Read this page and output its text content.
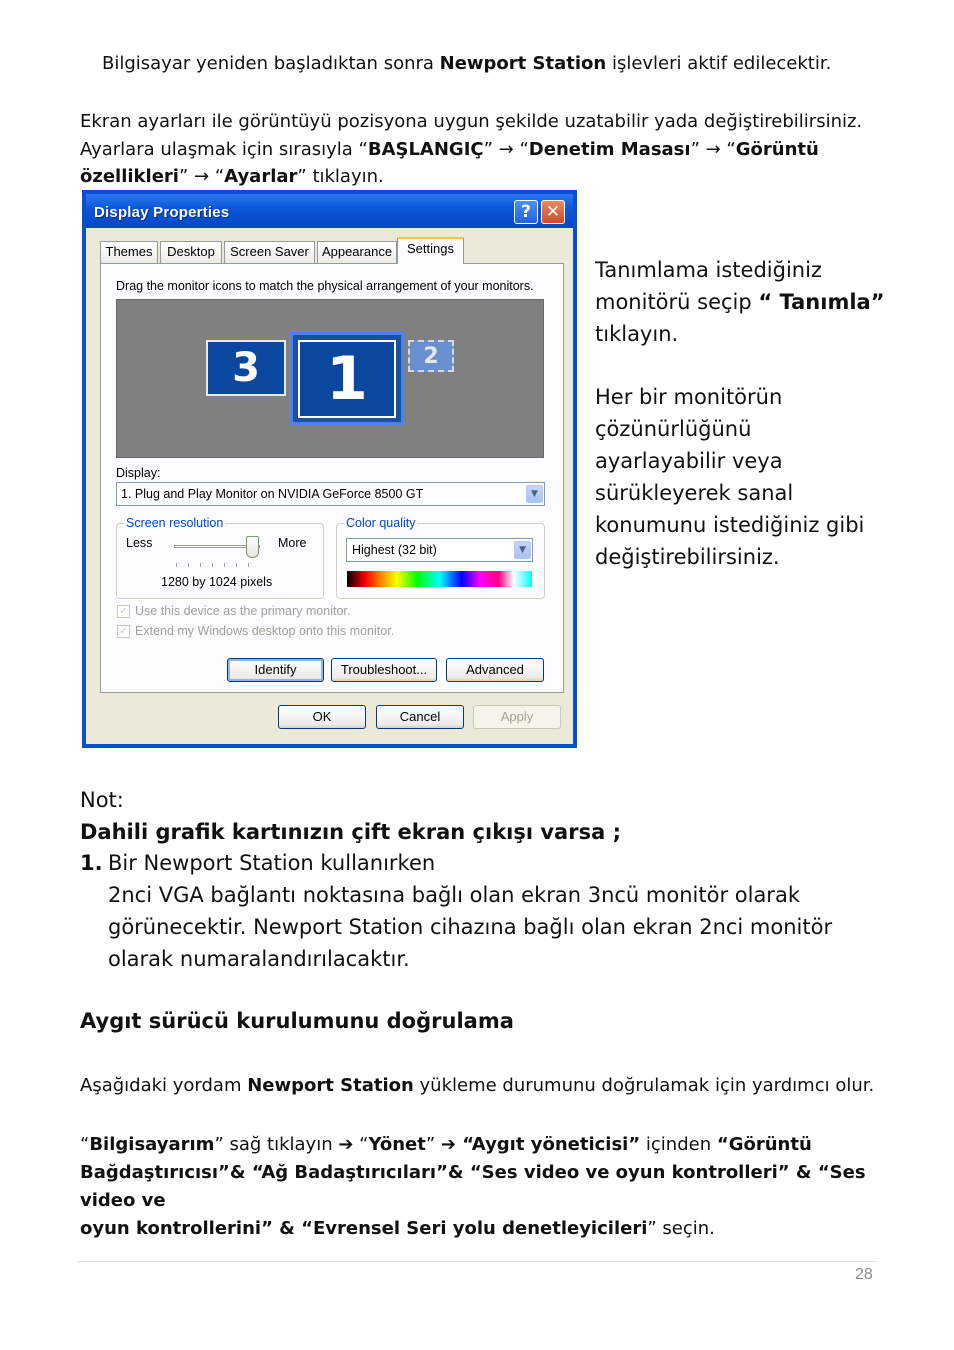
Bilgisayar yeniden başladıktan sonra Newport Station işlevleri aktif edilecektir.
Ekran ayarları ile görüntüyü pozisyona uygun şekilde uzatabilir yada değiştirebilirsiniz.
Ayarlara ulaşmak için sırasıyla “BAŞLANGIÇ” → “Denetim Masası” → “Görüntü
özellikleri” → “Ayarlar” tıklayın.
Display Properties	? ✕
Themes	Desktop	Screen Saver	Appearance	Settings
Drag the monitor icons to match the physical arrangement of your monitors.
3 1	2
Display:
1. Plug and Play Monitor on NVIDIA GeForce 8500 GT	▼
Screen resolution
Less	More
1280 by 1024 pixels
Color quality
Highest (32 bit)	▼
✓ Use this device as the primary monitor.
✓ Extend my Windows desktop onto this monitor.
Identify	Troubleshoot...	Advanced
OK	Cancel	Apply
Tanımlama istediğiniz
monitörü seçip “ Tanımla”
tıklayın.
Her bir monitörün
çözünürlüğünü
ayarlayabilir veya
sürükleyerek sanal
konumunu istediğiniz gibi
değiştirebilirsiniz.
Not:
Dahili grafik kartınızın çift ekran çıkışı varsa ;
1. Bir Newport Station kullanırken
2nci VGA bağlantı noktasına bağlı olan ekran 3ncü monitör olarak
görünecektir. Newport Station cihazına bağlı olan ekran 2nci monitör
olarak numaralandırılacaktır.
Aygıt sürücü kurulumunu doğrulama
Aşağıdaki yordam Newport Station yükleme durumunu doğrulamak için yardımcı olur.
“Bilgisayarım” sağ tıklayın ➔ “Yönet” ➔ “Aygıt yöneticisi” içinden “Görüntü
Bağdaştırıcısı”& “Ağ Badaştırıcıları”& “Ses video ve oyun kontrolleri” & “Ses video ve
oyun kontrollerini” & “Evrensel Seri yolu denetleyicileri” seçin.
28
